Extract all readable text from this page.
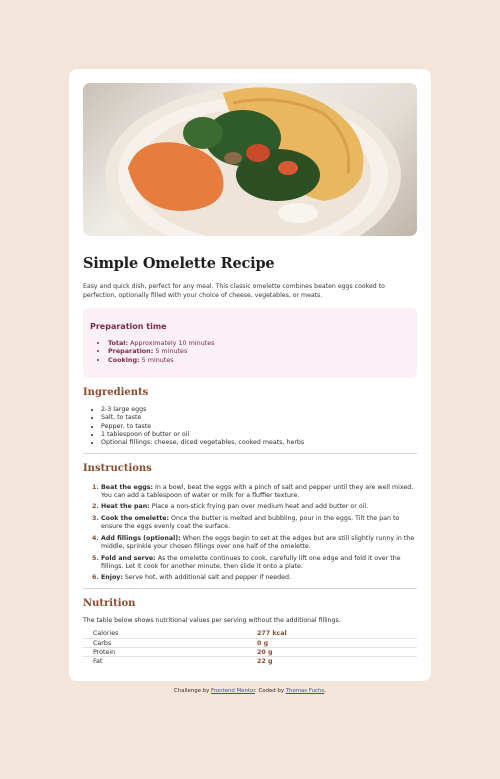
Simple Omelette Recipe

Easy and quick dish, perfect for any meal. This classic omelette combines beaten eggs cooked to perfection, optionally filled with your choice of cheese, vegetables, or meats.

Preparation time
• Total: Approximately 10 minutes
• Preparation: 5 minutes
• Cooking: 5 minutes
Ingredients
• 2-3 large eggs
• Salt, to taste
• Pepper, to taste
• 1 tablespoon of butter or oil
• Optional fillings: cheese, diced vegetables, cooked meats, herbs
Instructions
1. Beat the eggs: In a bowl, beat the eggs with a pinch of salt and pepper until they are well mixed. You can add a tablespoon of water or milk for a fluffier texture.
2. Heat the pan: Place a non-stick frying pan over medium heat and add butter or oil.
3. Cook the omelette: Once the butter is melted and bubbling, pour in the eggs. Tilt the pan to ensure the eggs evenly coat the surface.
4. Add fillings (optional): When the eggs begin to set at the edges but are still slightly runny in the middle, sprinkle your chosen fillings over one half of the omelette.
5. Fold and serve: As the omelette continues to cook, carefully lift one edge and fold it over the fillings. Let it cook for another minute, then slide it onto a plate.
6. Enjoy: Serve hot, with additional salt and pepper if needed.
Nutrition

The table below shows nutritional values per serving without the additional fillings.

Calories	277 kcal
Carbs	0 g
Protein	20 g
Fat	22 g
Challenge by Frontend Mentor. Coded by Thomas Fuchs.
